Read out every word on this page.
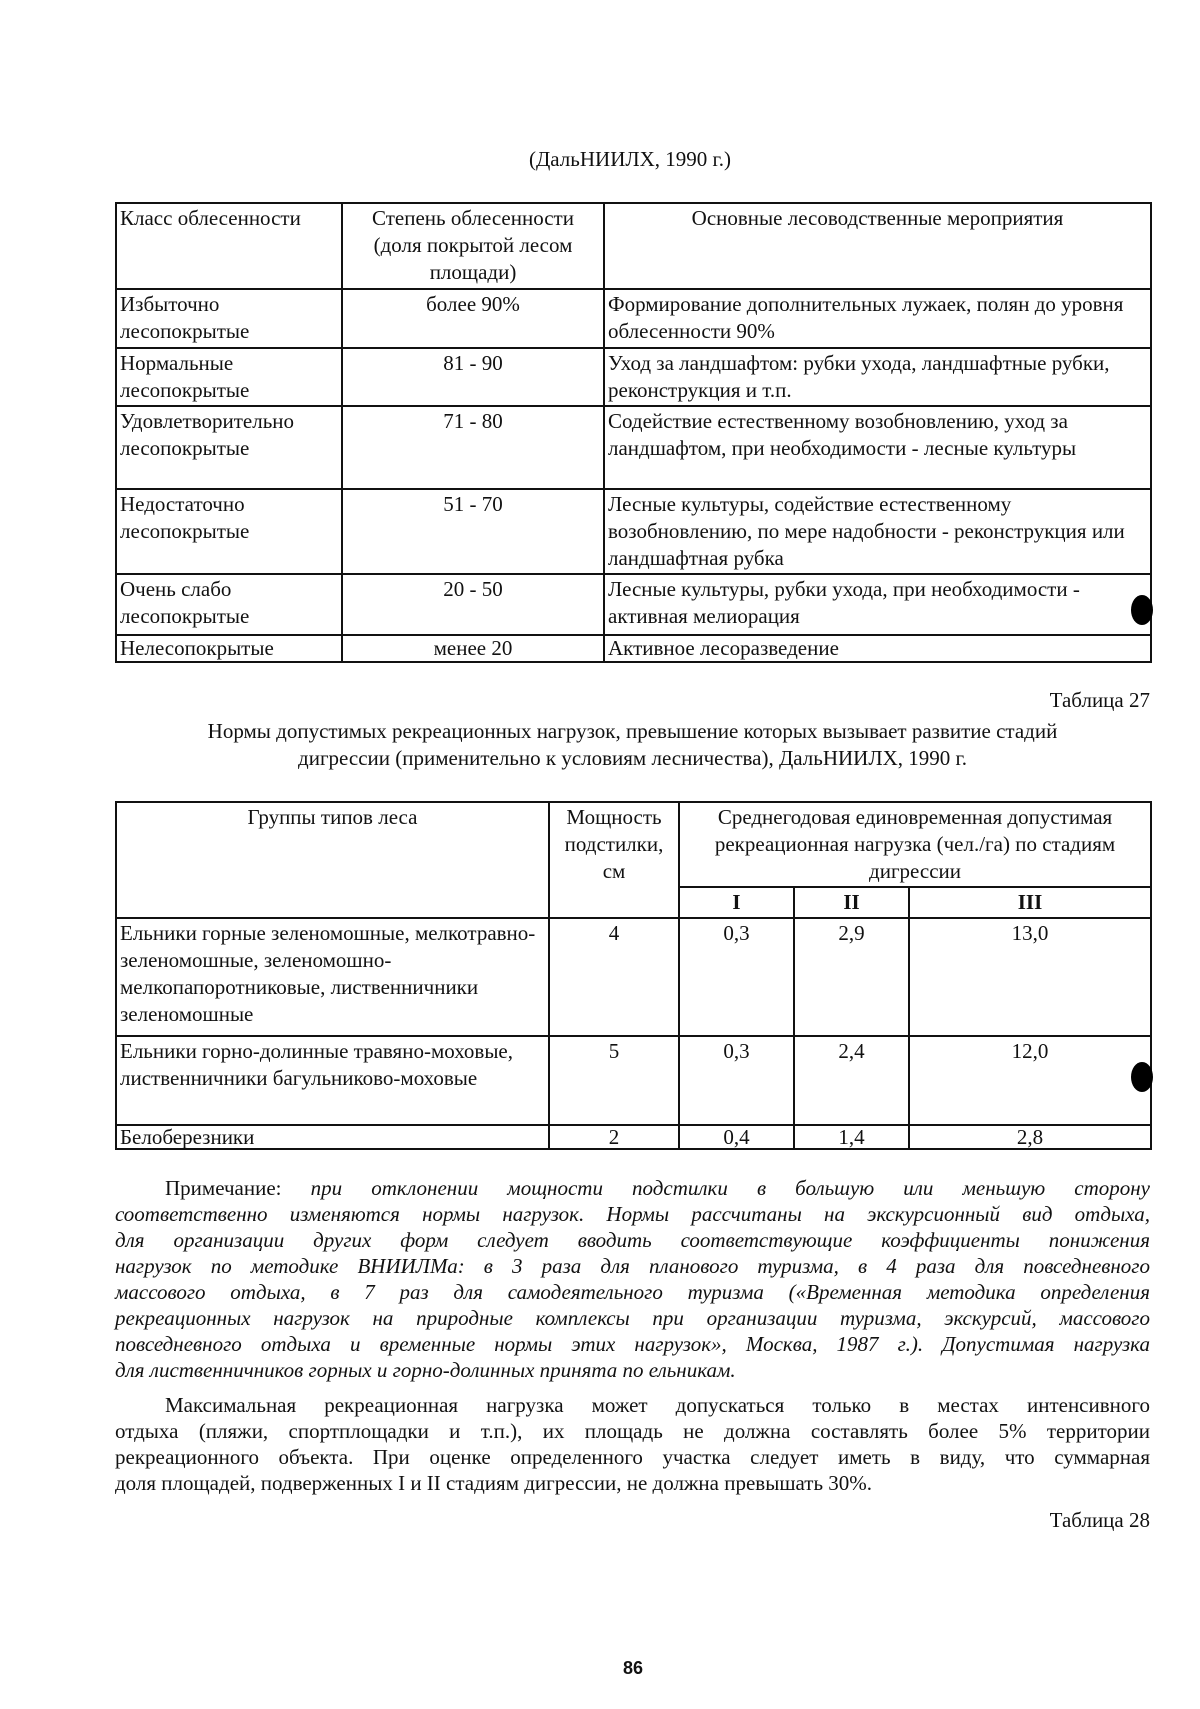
(ДальНИИЛХ, 1990 г.)
Класс облесенности	Степень облесенности (доля покрытой лесом площади)	Основные лесоводственные мероприятия
Избыточно лесопокрытые	более 90%	Формирование дополнительных лужаек, полян до уровня облесенности 90%
Нормальные лесопокрытые	81 - 90	Уход за ландшафтом: рубки ухода, ландшафтные рубки, реконструкция и т.п.
Удовлетворительно лесопокрытые	71 - 80	Содействие естественному возобновлению, уход за ландшафтом, при необходимости - лесные культуры
Недостаточно лесопокрытые	51 - 70	Лесные культуры, содействие естественному возобновлению, по мере надобности - реконструкция или ландшафтная рубка
Очень слабо лесопокрытые	20 - 50	Лесные культуры, рубки ухода, при необходимости - активная мелиорация
Нелесопокрытые	менее 20	Активное лесоразведение
Таблица 27
Нормы допустимых рекреационных нагрузок, превышение которых вызывает развитие стадий
дигрессии (применительно к условиям лесничества), ДальНИИЛХ, 1990 г.
Группы типов леса	Мощность подстилки, см	Среднегодовая единовременная допустимая рекреационная нагрузка (чел./га) по стадиям дигрессии		
		I	II	III
Ельники горные зеленомошные, мелкотравно-зеленомошные, зеленомошно-мелкопапоротниковые, лиственничники зеленомошные	4	0,3	2,9	13,0
Ельники горно-долинные травяно-моховые, лиственничники багульниково-моховые	5	0,3	2,4	12,0
Белоберезники	2	0,4	1,4	2,8
Примечание: при отклонении мощности подстилки в большую или меньшую сторону
соответственно изменяются нормы нагрузок. Нормы рассчитаны на экскурсионный вид отдыха,
для организации других форм следует вводить соответствующие коэффициенты понижения
нагрузок по методике ВНИИЛМа: в 3 раза для планового туризма, в 4 раза для повседневного
массового отдыха, в 7 раз для самодеятельного туризма («Временная методика определения
рекреационных нагрузок на природные комплексы при организации туризма, экскурсий, массового
повседневного отдыха и временные нормы этих нагрузок», Москва, 1987 г.). Допустимая нагрузка
для лиственничников горных и горно-долинных принята по ельникам.
Максимальная рекреационная нагрузка может допускаться только в местах интенсивного
отдыха (пляжи, спортплощадки и т.п.), их площадь не должна составлять более 5% территории
рекреационного объекта. При оценке определенного участка следует иметь в виду, что суммарная
доля площадей, подверженных I и II стадиям дигрессии, не должна превышать 30%.
Таблица 28
86
